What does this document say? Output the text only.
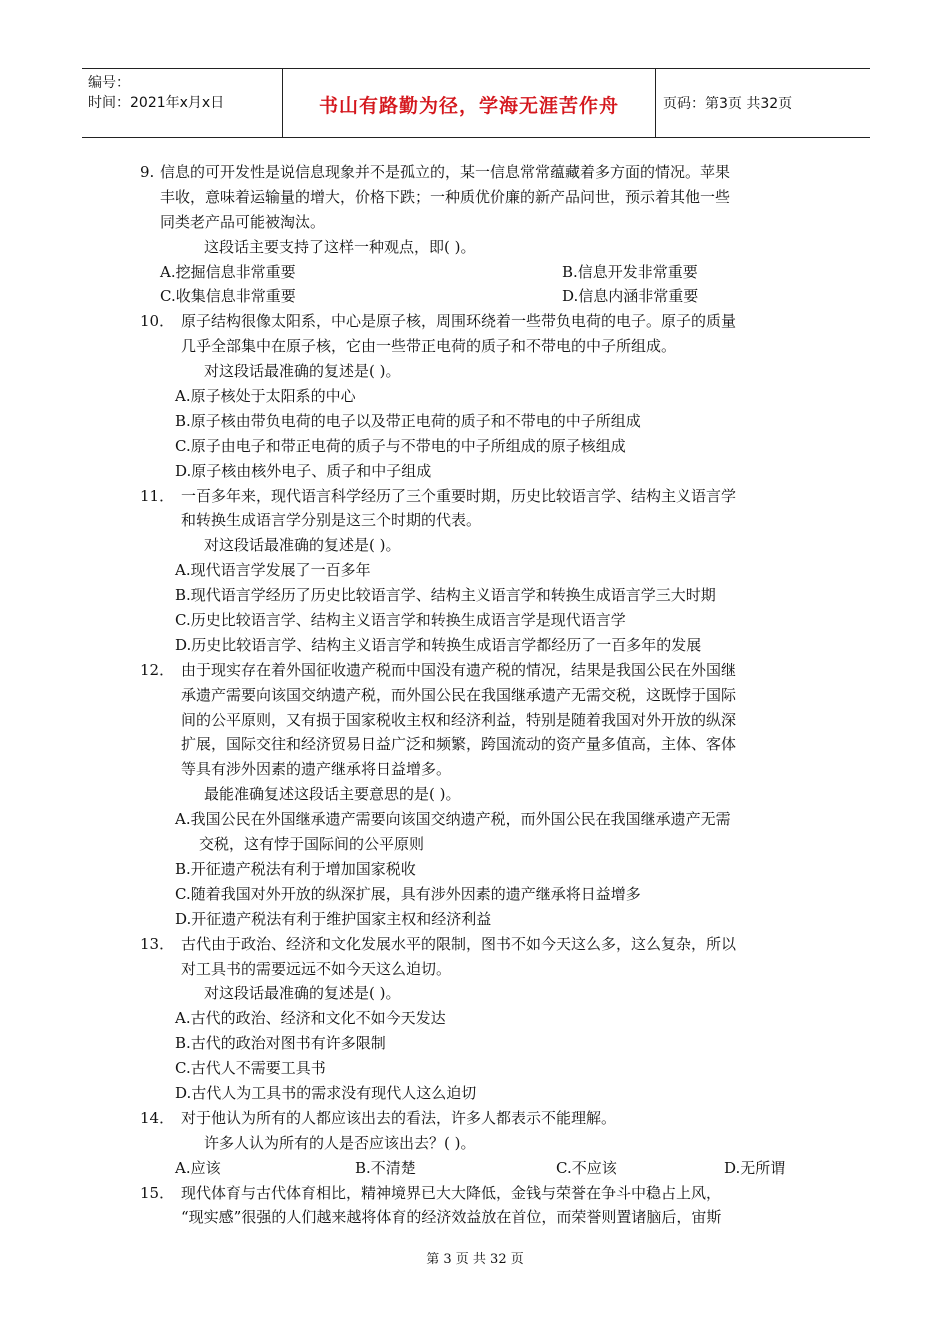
编号：
时间：2021年x月x日	书山有路勤为径，学海无涯苦作舟	页码：第3页 共32页
9. 信息的可开发性是说信息现象并不是孤立的，某一信息常常蕴藏着多方面的情况。苹果
丰收，意味着运输量的增大，价格下跌；一种质优价廉的新产品问世，预示着其他一些
同类老产品可能被淘汰。
这段话主要支持了这样一种观点，即( )。
A.挖掘信息非常重要	B.信息开发非常重要
C.收集信息非常重要	D.信息内涵非常重要
10． 原子结构很像太阳系，中心是原子核，周围环绕着一些带负电荷的电子。原子的质量
几乎全部集中在原子核，它由一些带正电荷的质子和不带电的中子所组成。
对这段话最准确的复述是( )。
A.原子核处于太阳系的中心
B.原子核由带负电荷的电子以及带正电荷的质子和不带电的中子所组成
C.原子由电子和带正电荷的质子与不带电的中子所组成的原子核组成
D.原子核由核外电子、质子和中子组成
11． 一百多年来，现代语言科学经历了三个重要时期，历史比较语言学、结构主义语言学
和转换生成语言学分别是这三个时期的代表。
对这段话最准确的复述是( )。
A.现代语言学发展了一百多年
B.现代语言学经历了历史比较语言学、结构主义语言学和转换生成语言学三大时期
C.历史比较语言学、结构主义语言学和转换生成语言学是现代语言学
D.历史比较语言学、结构主义语言学和转换生成语言学都经历了一百多年的发展
12． 由于现实存在着外国征收遗产税而中国没有遗产税的情况，结果是我国公民在外国继
承遗产需要向该国交纳遗产税，而外国公民在我国继承遗产无需交税，这既悖于国际
间的公平原则，又有损于国家税收主权和经济利益，特别是随着我国对外开放的纵深
扩展，国际交往和经济贸易日益广泛和频繁，跨国流动的资产量多值高，主体、客体
等具有涉外因素的遗产继承将日益增多。
最能准确复述这段话主要意思的是( )。
A.我国公民在外国继承遗产需要向该国交纳遗产税，而外国公民在我国继承遗产无需
交税，这有悖于国际间的公平原则
B.开征遗产税法有利于增加国家税收
C.随着我国对外开放的纵深扩展，具有涉外因素的遗产继承将日益增多
D.开征遗产税法有利于维护国家主权和经济利益
13． 古代由于政治、经济和文化发展水平的限制，图书不如今天这么多，这么复杂，所以
对工具书的需要远远不如今天这么迫切。
对这段话最准确的复述是( )。
A.古代的政治、经济和文化不如今天发达
B.古代的政治对图书有许多限制
C.古代人不需要工具书
D.古代人为工具书的需求没有现代人这么迫切
14． 对于他认为所有的人都应该出去的看法，许多人都表示不能理解。
许多人认为所有的人是否应该出去？( )。
A.应该	B.不清楚	C.不应该	D.无所谓
15． 现代体育与古代体育相比，精神境界已大大降低，金钱与荣誉在争斗中稳占上风，
“现实感”很强的人们越来越将体育的经济效益放在首位，而荣誉则置诸脑后，宙斯
第 3 页 共 32 页
